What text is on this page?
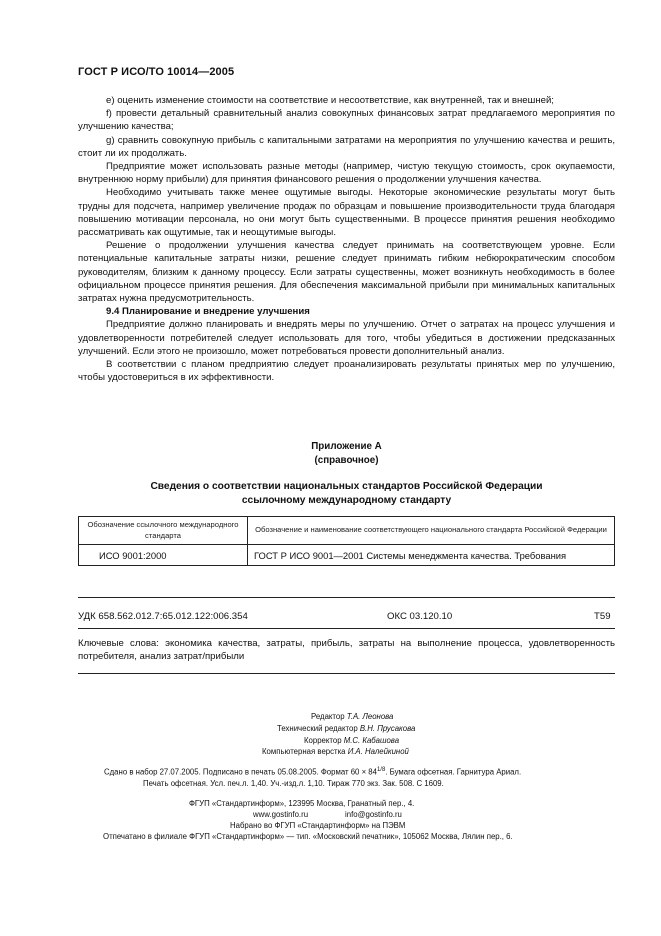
ГОСТ Р ИСО/ТО 10014—2005

e) оценить изменение стоимости на соответствие и несоответствие, как внутренней, так и внешней;

f) провести детальный сравнительный анализ совокупных финансовых затрат предлагаемого мероприятия по улучшению качества;

g) сравнить совокупную прибыль с капитальными затратами на мероприятия по улучшению качества и решить, стоит ли их продолжать.

Предприятие может использовать разные методы (например, чистую текущую стоимость, срок окупаемости, внутреннюю норму прибыли) для принятия финансового решения о продолжении улучшения качества.

Необходимо учитывать также менее ощутимые выгоды. Некоторые экономические результаты могут быть трудны для подсчета, например увеличение продаж по образцам и повышение производительности труда благодаря повышению мотивации персонала, но они могут быть существенными. В процессе принятия решения необходимо рассматривать как ощутимые, так и неощутимые выгоды.

Решение о продолжении улучшения качества следует принимать на соответствующем уровне. Если потенциальные капитальные затраты низки, решение следует принимать гибким небюрократическим способом руководителям, близким к данному процессу. Если затраты существенны, может возникнуть необходимость в более официальном процессе принятия решения. Для обеспечения максимальной прибыли при минимальных капитальных затратах нужна предусмотрительность.

9.4 Планирование и внедрение улучшения

Предприятие должно планировать и внедрять меры по улучшению. Отчет о затратах на процесс улучшения и удовлетворенности потребителей следует использовать для того, чтобы убедиться в достижении предсказанных улучшений. Если этого не произошло, может потребоваться провести дополнительный анализ.

В соответствии с планом предприятию следует проанализировать результаты принятых мер по улучшению, чтобы удостовериться в их эффективности.

Приложение А
(справочное)
Сведения о соответствии национальных стандартов Российской Федерации ссылочному международному стандарту
Обозначение ссылочного международного стандарта	Обозначение и наименование соответствующего национального стандарта Российской Федерации
ИСО 9001:2000	ГОСТ Р ИСО 9001—2001 Системы менеджмента качества. Требования
УДК 658.562.012.7:65.012.122:006.354	ОКС 03.120.10	Т59
Ключевые слова: экономика качества, затраты, прибыль, затраты на выполнение процесса, удовлетворенность потребителя, анализ затрат/прибыли
Редактор Т.А. Леонова
Технический редактор В.Н. Прусакова
Корректор М.С. Кабашова
Компьютерная верстка И.А. Налейкиной
Сдано в набор 27.07.2005. Подписано в печать 05.08.2005. Формат $60 \times 84^{1/8}$. Бумага офсетная. Гарнитура Ариал.
Печать офсетная. Усл. печ.л. 1,40. Уч.-изд.л. 1,10. Тираж 770 экз. Зак. 508. С 1609.
ФГУП «Стандартинформ», 123995 Москва, Гранатный пер., 4.
www.gostinfo.ru	info@gostinfo.ru
Набрано во ФГУП «Стандартинформ» на ПЭВМ
Отпечатано в филиале ФГУП «Стандартинформ» — тип. «Московский печатник», 105062 Москва, Лялин пер., 6.
